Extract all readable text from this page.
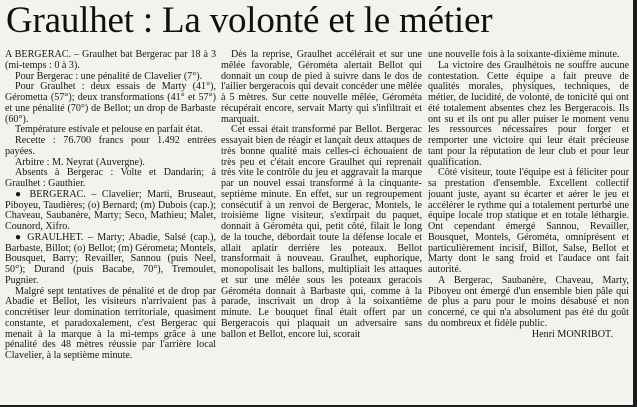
Graulhet : La volonté et le métier

A BERGERAC. – Graulhet bat Bergerac par 18 à 3 (mi-temps : 0 à 3).

Pour Bergerac : une pénalité de Clavelier (7°).

Pour Graulhet : deux essais de Marty (41°), Gérometta (57°); deux transformations (41° et 57°) et une pénalité (70°) de Bellot; un drop de Barbaste (60°).

Température estivale et pelouse en parfait état.

Recette : 76.700 francs pour 1.492 entrées payées.

Arbitre : M. Neyrat (Auvergne).

Absents à Bergerac : Volte et Dandarin; à Graulhet : Gauthier.

● BERGERAC. – Clavelier; Marti, Bruseaut, Piboyeu, Taudières; (o) Bernard; (m) Dubois (cap.); Chaveau, Saubanère, Marty; Seco, Mathieu; Malet, Counord, Xifro.

● GRAULHET. – Marty; Abadie, Salsé (cap.), Barbaste, Billot; (o) Bellot; (m) Gérometa; Montels, Bousquet, Barry; Revailler, Sannou (puis Neel, 50°); Durand (puis Bacabe, 70°), Tremoulet, Pugnier.

Malgré sept tentatives de pénalité et de drop par Abadie et Bellot, les visiteurs n'arrivaient pas à concrétiser leur domination territoriale, quasiment constante, et paradoxalement, c'est Bergerac qui menait à la marque à la mi-temps grâce à une pénalité des 48 mètres réussie par l'arrière local Clavelier, à la septième minute.

Dès la reprise, Graulhet accélérait et sur une mêlée favorable, Gérométa alertait Bellot qui donnait un coup de pied à suivre dans le dos de l'ailier bergeracois qui devait concéder une mêlée à 5 mètres. Sur cette nouvelle mêlée, Gérométa récupérait encore, servait Marty qui s'infiltrait et marquait.

Cet essai était transformé par Bellot. Bergerac essayait bien de réagir et lançait deux attaques de très bonne qualité mais celles-ci échouaient de très peu et c'était encore Graulhet qui reprenait très vite le contrôle du jeu et aggravait la marque par un nouvel essai transformé à la cinquante-septième minute. En effet, sur un regroupement consécutif à un renvoi de Bergerac, Montels, le troisième ligne visiteur, s'extirpait du paquet, donnait à Gérométa qui, petit côté, filait le long de la touche, débordait toute la défense locale et allait aplatir derrière les poteaux. Bellot transformait à nouveau. Graulhet, euphorique, monopolisait les ballons, multipliait les attaques et sur une mêlée sous les poteaux geracois Gérométa donnait à Barbaste qui, comme à la parade, inscrivait un drop à la soixantième minute. Le bouquet final était offert par un Bergeracois qui plaquait un adversaire sans ballon et Bellot, encore lui, scorait

une nouvelle fois à la soixante-dixième minute.

La victoire des Graulhétois ne souffre aucune contestation. Cette équipe a fait preuve de qualités morales, physiques, techniques, de métier, de lucidité, de volonté, de tonicité qui ont été totalement absentes chez les Bergeracois. Ils ont su et ils ont pu aller puiser le moment venu les ressources nécessaires pour forger et remporter une victoire qui leur était précieuse tant pour la réputation de leur club et pour leur qualification.

Côté visiteur, toute l'équipe est à féliciter pour sa prestation d'ensemble. Excellent collectif jouant juste, ayant su écarter et aérer le jeu et accélérer le rythme qui a totalement perturbé une équipe locale trop statique et en totale léthargie. Ont cependant émergé Sannou, Revailler, Bousquet, Montels, Gérométa, omniprésent et particulièrement incisif, Billot, Salse, Bellot et Marty dont le sang froid et l'audace ont fait autorité.

A Bergerac, Saubanère, Chaveau, Marty, Piboyeu ont émergé d'un ensemble bien pâle qui de plus a paru pour le moins désabusé et non concerné, ce qui n'a absolument pas été du goût du nombreux et fidèle public.

Henri MONRIBOT.
